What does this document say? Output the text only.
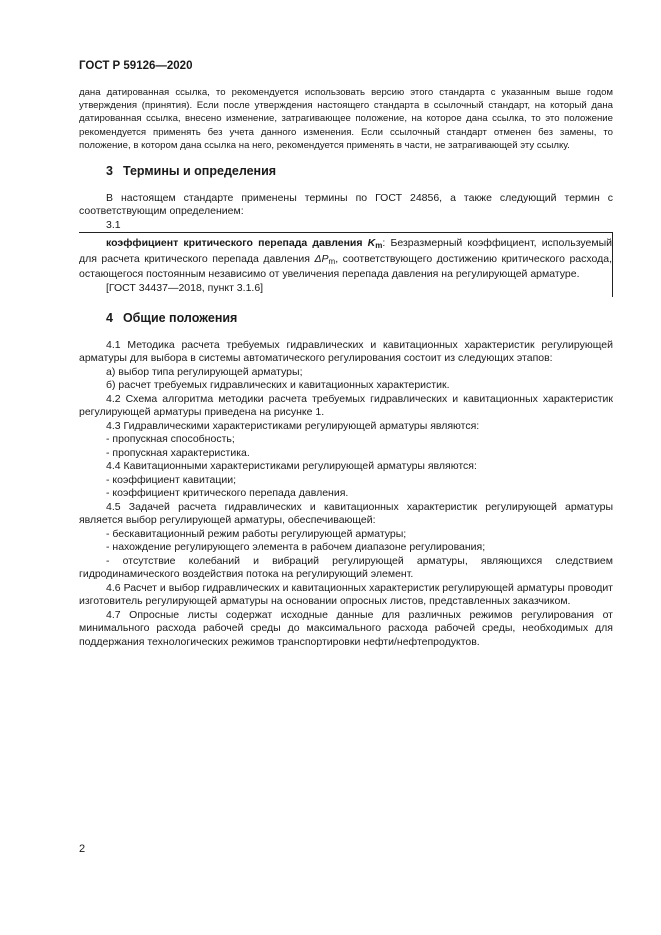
ГОСТ Р 59126—2020

дана датированная ссылка, то рекомендуется использовать версию этого стандарта с указанным выше годом утверждения (принятия). Если после утверждения настоящего стандарта в ссылочный стандарт, на который дана датированная ссылка, внесено изменение, затрагивающее положение, на которое дана ссылка, то это положение рекомендуется применять без учета данного изменения. Если ссылочный стандарт отменен без замены, то положение, в котором дана ссылка на него, рекомендуется применять в части, не затрагивающей эту ссылку.

3 Термины и определения

В настоящем стандарте применены термины по ГОСТ 24856, а также следующий термин с соответствующим определением:

3.1

коэффициент критического перепада давления $K_m$: Безразмерный коэффициент, используемый для расчета критического перепада давления $\Delta P_m$, соответствующего достижению критического расхода, остающегося постоянным независимо от увеличения перепада давления на регулирующей арматуре.

[ГОСТ 34437—2018, пункт 3.1.6]

4 Общие положения

4.1 Методика расчета требуемых гидравлических и кавитационных характеристик регулирующей арматуры для выбора в системы автоматического регулирования состоит из следующих этапов:

а) выбор типа регулирующей арматуры;

б) расчет требуемых гидравлических и кавитационных характеристик.

4.2 Схема алгоритма методики расчета требуемых гидравлических и кавитационных характеристик регулирующей арматуры приведена на рисунке 1.

4.3 Гидравлическими характеристиками регулирующей арматуры являются:

- пропускная способность;

- пропускная характеристика.

4.4 Кавитационными характеристиками регулирующей арматуры являются:

- коэффициент кавитации;

- коэффициент критического перепада давления.

4.5 Задачей расчета гидравлических и кавитационных характеристик регулирующей арматуры является выбор регулирующей арматуры, обеспечивающей:

- бескавитационный режим работы регулирующей арматуры;

- нахождение регулирующего элемента в рабочем диапазоне регулирования;

- отсутствие колебаний и вибраций регулирующей арматуры, являющихся следствием гидродинамического воздействия потока на регулирующий элемент.

4.6 Расчет и выбор гидравлических и кавитационных характеристик регулирующей арматуры проводит изготовитель регулирующей арматуры на основании опросных листов, представленных заказчиком.

4.7 Опросные листы содержат исходные данные для различных режимов регулирования от минимального расхода рабочей среды до максимального расхода рабочей среды, необходимых для поддержания технологических режимов транспортировки нефти/нефтепродуктов.

2
